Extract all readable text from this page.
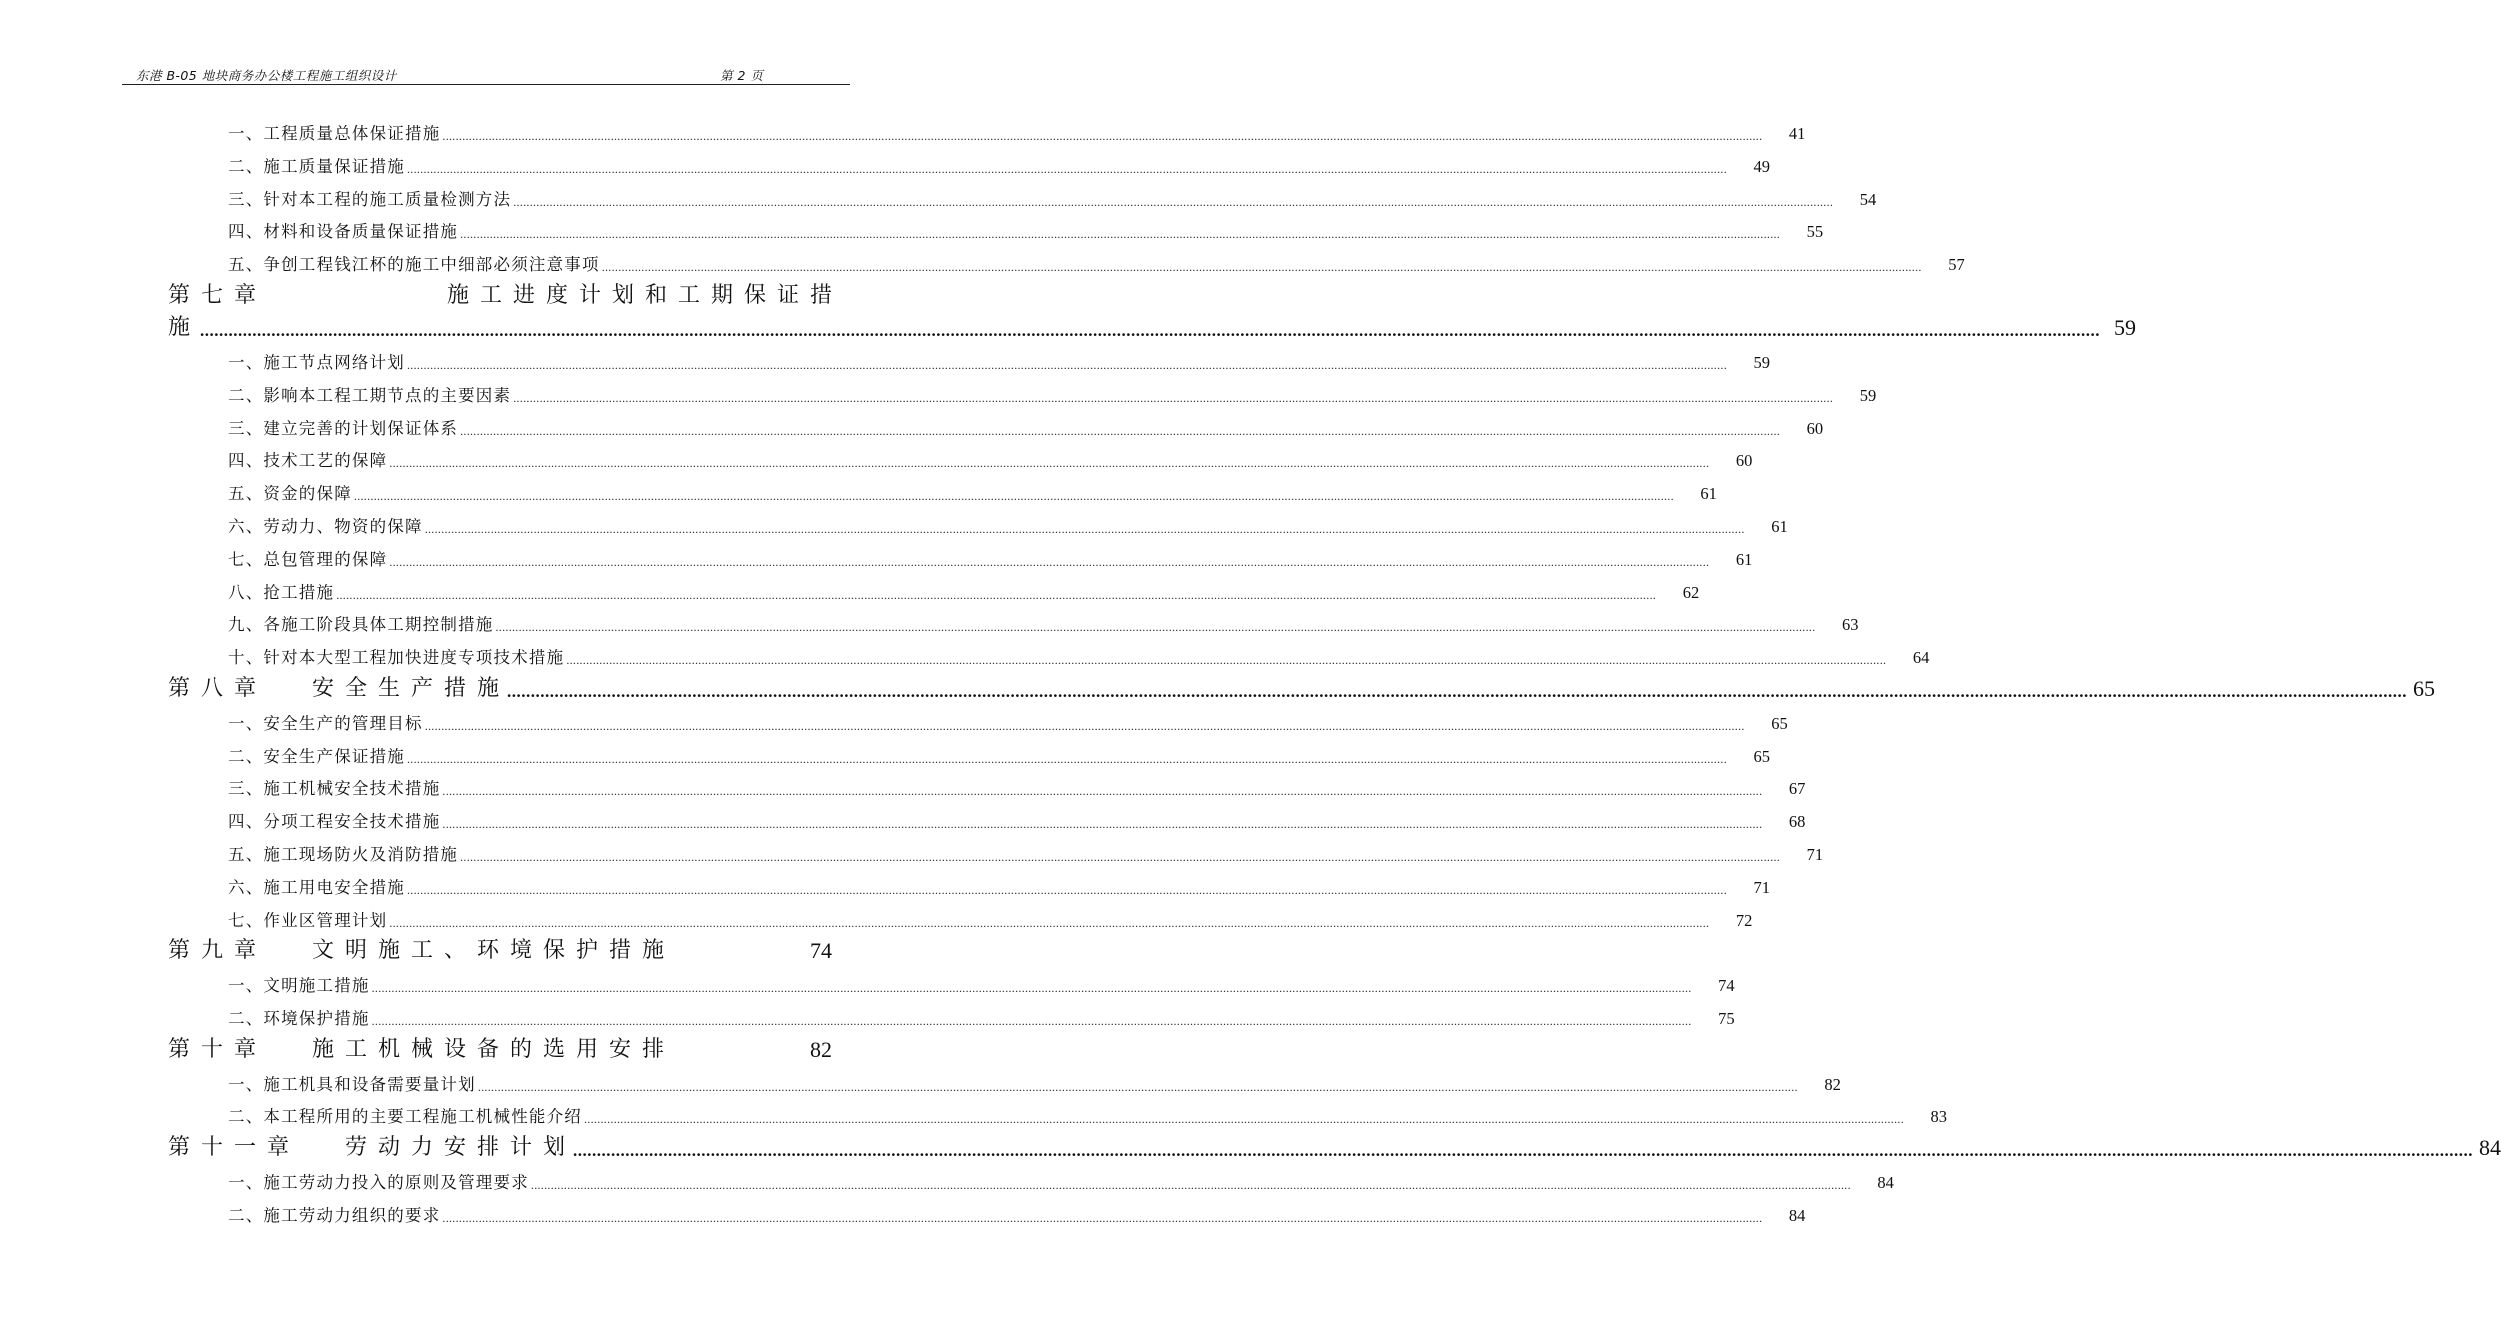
东港 B-05 地块商务办公楼工程施工组织设计	第 2 页
一、工程质量总体保证措施 ................................................................................................................................................................................................................................................................................................................................................................................................................	41
二、施工质量保证措施 ................................................................................................................................................................................................................................................................................................................................................................................................................	49
三、针对本工程的施工质量检测方法 ................................................................................................................................................................................................................................................................................................................................................................................................................	54
四、材料和设备质量保证措施 ................................................................................................................................................................................................................................................................................................................................................................................................................	55
五、争创工程钱江杯的施工中细部必须注意事项 ................................................................................................................................................................................................................................................................................................................................................................................................................	57
第 七 章	施 工 进 度 计 划 和 工 期 保 证 措
施 ................................................................................................................................................................................................................................................................................................................................................................................................................ 59
一、施工节点网络计划 ................................................................................................................................................................................................................................................................................................................................................................................................................	59
二、影响本工程工期节点的主要因素 ................................................................................................................................................................................................................................................................................................................................................................................................................	59
三、建立完善的计划保证体系 ................................................................................................................................................................................................................................................................................................................................................................................................................	60
四、技术工艺的保障 ................................................................................................................................................................................................................................................................................................................................................................................................................	60
五、资金的保障 ................................................................................................................................................................................................................................................................................................................................................................................................................	61
六、劳动力、物资的保障 ................................................................................................................................................................................................................................................................................................................................................................................................................	61
七、总包管理的保障 ................................................................................................................................................................................................................................................................................................................................................................................................................	61
八、抢工措施 ................................................................................................................................................................................................................................................................................................................................................................................................................	62
九、各施工阶段具体工期控制措施 ................................................................................................................................................................................................................................................................................................................................................................................................................	63
十、针对本大型工程加快进度专项技术措施 ................................................................................................................................................................................................................................................................................................................................................................................................................	64
第 八 章	安 全 生 产 措 施 ................................................................................................................................................................................................................................................................................................................................................................................................................ 65
一、安全生产的管理目标 ................................................................................................................................................................................................................................................................................................................................................................................................................	65
二、安全生产保证措施 ................................................................................................................................................................................................................................................................................................................................................................................................................	65
三、施工机械安全技术措施 ................................................................................................................................................................................................................................................................................................................................................................................................................	67
四、分项工程安全技术措施 ................................................................................................................................................................................................................................................................................................................................................................................................................	68
五、施工现场防火及消防措施 ................................................................................................................................................................................................................................................................................................................................................................................................................	71
六、施工用电安全措施 ................................................................................................................................................................................................................................................................................................................................................................................................................	71
七、作业区管理计划 ................................................................................................................................................................................................................................................................................................................................................................................................................	72
第 九 章	文 明 施 工 、 环 境 保 护 措 施	74
一、文明施工措施 ................................................................................................................................................................................................................................................................................................................................................................................................................	74
二、环境保护措施 ................................................................................................................................................................................................................................................................................................................................................................................................................	75
第 十 章	施 工 机 械 设 备 的 选 用 安 排	82
一、施工机具和设备需要量计划 ................................................................................................................................................................................................................................................................................................................................................................................................................	82
二、本工程所用的主要工程施工机械性能介绍 ................................................................................................................................................................................................................................................................................................................................................................................................................	83
第 十 一 章	劳 动 力 安 排 计 划 ................................................................................................................................................................................................................................................................................................................................................................................................................ 84
一、施工劳动力投入的原则及管理要求 ................................................................................................................................................................................................................................................................................................................................................................................................................	84
二、施工劳动力组织的要求 ................................................................................................................................................................................................................................................................................................................................................................................................................	84
